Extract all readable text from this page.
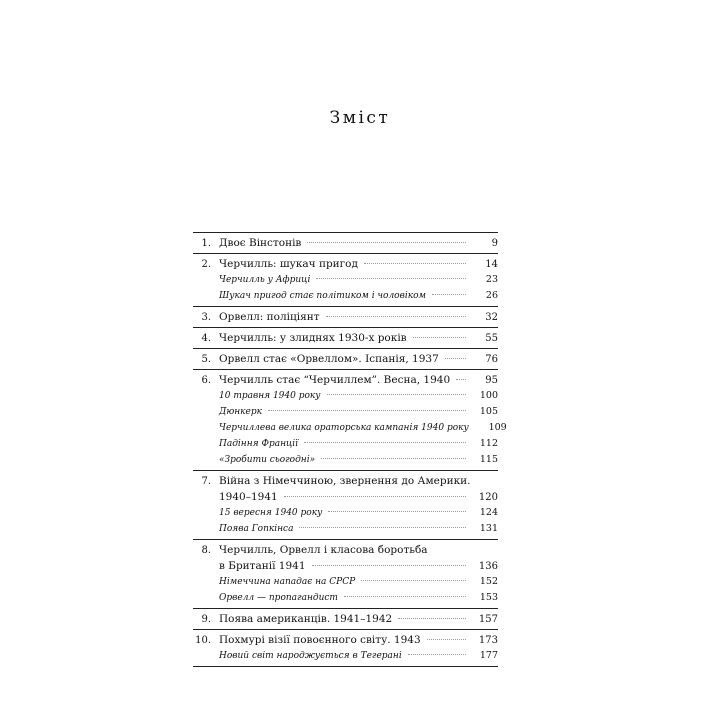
Зміст
1. Двоє Вінстонів	9
2. Черчилль: шукач пригод	14
Черчилль у Африці	23
Шукач пригод стає політиком і чоловіком	26
3. Орвелл: поліціянт	32
4. Черчилль: у злиднях 1930-х років	55
5. Орвелл стає «Орвеллом». Іспанія, 1937	76
6. Черчилль стає “Черчиллем”. Весна, 1940	95
10 травня 1940 року	100
Дюнкерк	105
Черчиллева велика ораторська кампанія 1940 року	109
Падіння Франції	112
«Зробити сьогодні»	115
7. Війна з Німеччиною, звернення до Америки.
1940–1941	120
15 вересня 1940 року	124
Поява Гопкінса	131
8. Черчилль, Орвелл і класова боротьба
в Британії 1941	136
Німеччина нападає на СРСР	152
Орвелл — пропагандист	153
9. Поява американців. 1941–1942	157
10. Похмурі візії повоєнного світу. 1943	173
Новий світ народжується в Тегерані	177
